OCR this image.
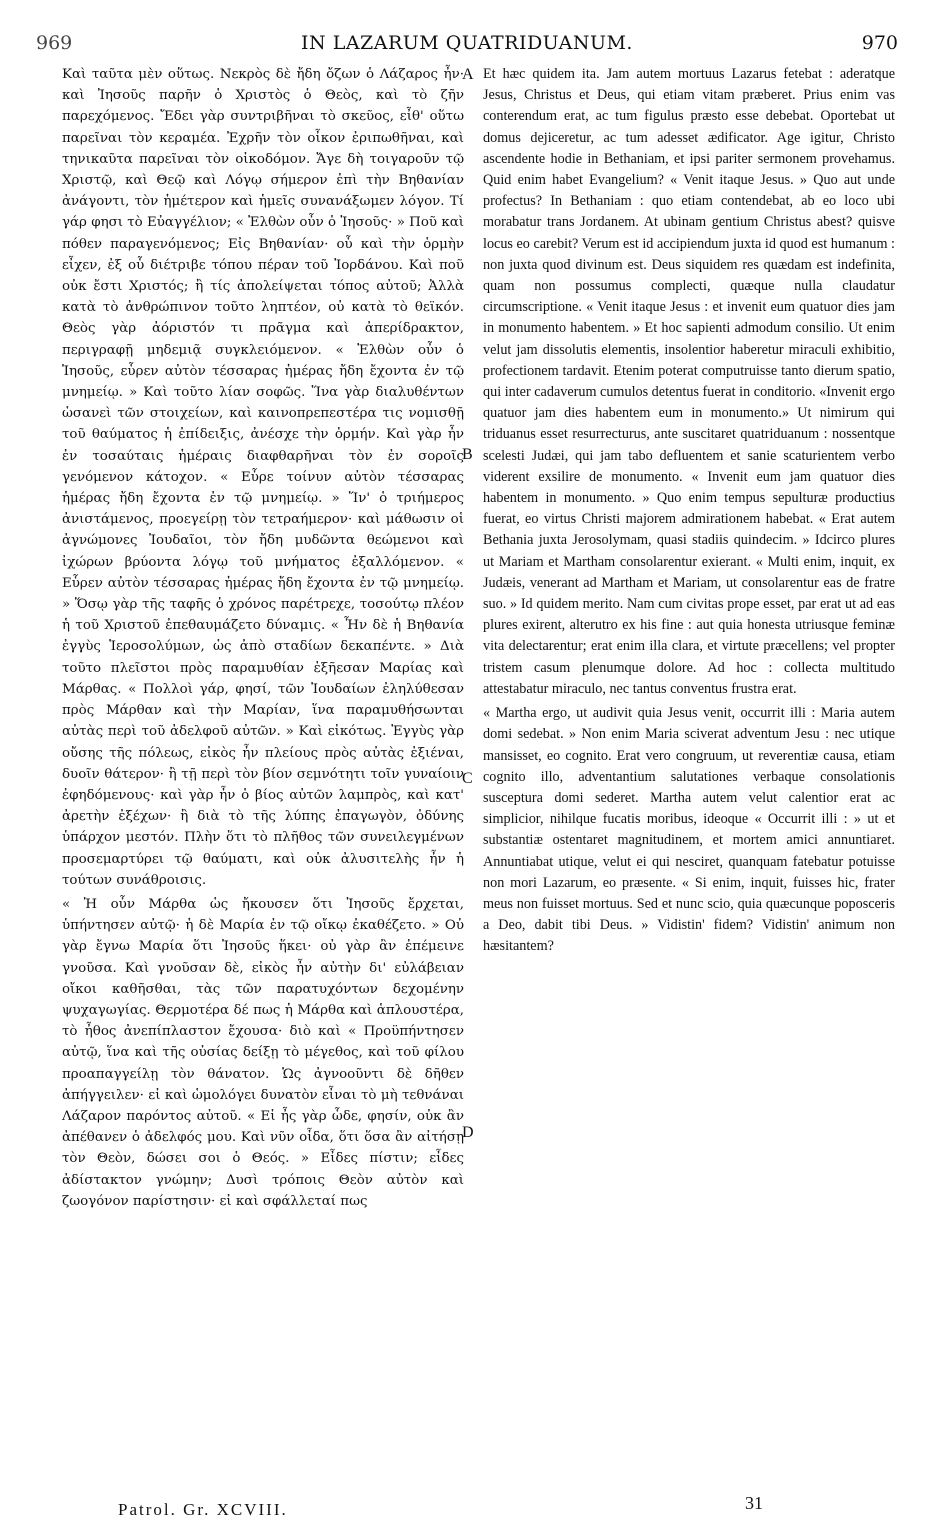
969	IN LAZARUM QUATRIDUANUM.	970

Καὶ ταῦτα μὲν οὕτως. Νεκρὸς δὲ ἤδη ὄζων ὁ Λάζαρος ἦν· καὶ Ἰησοῦς παρῆν ὁ Χριστὸς ὁ Θεὸς, καὶ τὸ ζῆν παρεχόμενος. Ἔδει γὰρ συντριβῆναι τὸ σκεῦος, εἶθ' οὕτω παρεῖναι τὸν κεραμέα. Ἐχρῆν τὸν οἶκον ἐριπωθῆναι, καὶ τηνικαῦτα παρεῖναι τὸν οἰκοδόμον. Ἄγε δὴ τοιγαροῦν τῷ Χριστῷ, καὶ Θεῷ καὶ Λόγῳ σήμερον ἐπὶ τὴν Βηθανίαν ἀνάγοντι, τὸν ἡμέτερον καὶ ἡμεῖς συνανάξωμεν λόγον. Τί γάρ φησι τὸ Εὐαγγέλιον; « Ἐλθὼν οὖν ὁ Ἰησοῦς· » Ποῦ καὶ πόθεν παραγενόμενος; Εἰς Βηθανίαν· οὗ καὶ τὴν ὁρμὴν εἶχεν, ἐξ οὗ διέτριβε τόπου πέραν τοῦ Ἰορδάνου. Καὶ ποῦ οὐκ ἔστι Χριστός; ἢ τίς ἀπολείψεται τόπος αὐτοῦ; Ἀλλὰ κατὰ τὸ ἀνθρώπινον τοῦτο ληπτέον, οὐ κατὰ τὸ θεϊκόν. Θεὸς γὰρ ἀόριστόν τι πρᾶγμα καὶ ἀπερίδρακτον, περιγραφῇ μηδεμιᾷ συγκλειόμενον. « Ἐλθὼν οὖν ὁ Ἰησοῦς, εὗρεν αὐτὸν τέσσαρας ἡμέρας ἤδη ἔχοντα ἐν τῷ μνημείῳ. » Καὶ τοῦτο λίαν σοφῶς. Ἵνα γὰρ διαλυθέντων ὡσανεὶ τῶν στοιχείων, καὶ καινοπρεπεστέρα τις νομισθῇ τοῦ θαύματος ἡ ἐπίδειξις, ἀνέσχε τὴν ὁρμήν. Καὶ γὰρ ἦν ἐν τοσαύταις ἡμέραις διαφθαρῆναι τὸν ἐν σοροῖς γενόμενον κάτοχον. « Εὗρε τοίνυν αὐτὸν τέσσαρας ἡμέρας ἤδη ἔχοντα ἐν τῷ μνημείῳ. » Ἵν' ὁ τριήμερος ἀνιστάμενος, προεγείρῃ τὸν τετραήμερον· καὶ μάθωσιν οἱ ἀγνώμονες Ἰουδαῖοι, τὸν ἤδη μυδῶντα θεώμενοι καὶ ἰχώρων βρύοντα λόγῳ τοῦ μνήματος ἐξαλλόμενον. « Εὗρεν αὐτὸν τέσσαρας ἡμέρας ἤδη ἔχοντα ἐν τῷ μνημείῳ. » Ὅσῳ γὰρ τῆς ταφῆς ὁ χρόνος παρέτρεχε, τοσούτῳ πλέον ἡ τοῦ Χριστοῦ ἐπεθαυμάζετο δύναμις. « Ἦν δὲ ἡ Βηθανία ἐγγὺς Ἱεροσολύμων, ὡς ἀπὸ σταδίων δεκαπέντε. » Διὰ τοῦτο πλεῖστοι πρὸς παραμυθίαν ἐξῆεσαν Μαρίας καὶ Μάρθας. « Πολλοὶ γάρ, φησί, τῶν Ἰουδαίων ἐληλύθεσαν πρὸς Μάρθαν καὶ τὴν Μαρίαν, ἵνα παραμυθήσωνται αὐτὰς περὶ τοῦ ἀδελφοῦ αὐτῶν. » Καὶ εἰκότως. Ἐγγὺς γὰρ οὔσης τῆς πόλεως, εἰκὸς ἦν πλείους πρὸς αὐτὰς ἐξιέναι, δυοῖν θάτερον· ἢ τῇ περὶ τὸν βίον σεμνότητι τοῖν γυναίοιν ἐφηδόμενους· καὶ γὰρ ἦν ὁ βίος αὐτῶν λαμπρὸς, καὶ κατ' ἀρετὴν ἐξέχων· ἢ διὰ τὸ τῆς λύπης ἐπαγωγὸν, ὀδύνης ὑπάρχον μεστόν. Πλὴν ὅτι τὸ πλῆθος τῶν συνειλεγμένων προσεμαρτύρει τῷ θαύματι, καὶ οὐκ ἀλυσιτελὴς ἦν ἡ τούτων συνάθροισις.

« Ἡ οὖν Μάρθα ὡς ἤκουσεν ὅτι Ἰησοῦς ἔρχεται, ὑπήντησεν αὐτῷ· ἡ δὲ Μαρία ἐν τῷ οἴκῳ ἐκαθέζετο. » Οὐ γὰρ ἔγνω Μαρία ὅτι Ἰησοῦς ἥκει· οὐ γὰρ ἂν ἐπέμεινε γνοῦσα. Καὶ γνοῦσαν δὲ, εἰκὸς ἦν αὐτὴν δι' εὐλάβειαν οἴκοι καθῆσθαι, τὰς τῶν παρατυχόντων δεχομένην ψυχαγωγίας. Θερμοτέρα δέ πως ἡ Μάρθα καὶ ἁπλουστέρα, τὸ ἦθος ἀνεπίπλαστον ἔχουσα· διὸ καὶ « Προϋπήντησεν αὐτῷ, ἵνα καὶ τῆς οὐσίας δείξῃ τὸ μέγεθος, καὶ τοῦ φίλου προαπαγγείλῃ τὸν θάνατον. Ὡς ἀγνοοῦντι δὲ δῆθεν ἀπήγγειλεν· εἰ καὶ ὡμολόγει δυνατὸν εἶναι τὸ μὴ τεθνάναι Λάζαρον παρόντος αὐτοῦ. « Εἰ ἦς γὰρ ὧδε, φησίν, οὐκ ἂν ἀπέθανεν ὁ ἀδελφός μου. Καὶ νῦν οἶδα, ὅτι ὅσα ἂν αἰτήσῃ τὸν Θεὸν, δώσει σοι ὁ Θεός. » Εἶδες πίστιν; εἶδες ἀδίστακτον γνώμην; Δυσὶ τρόποις Θεὸν αὐτὸν καὶ ζωογόνον παρίστησιν· εἰ καὶ σφάλλεταί πως

A
B
C
D

Et hæc quidem ita. Jam autem mortuus Lazarus fetebat : aderatque Jesus, Christus et Deus, qui etiam vitam præberet. Prius enim vas conterendum erat, ac tum figulus præsto esse debebat. Oportebat ut domus dejiceretur, ac tum adesset ædificator. Age igitur, Christo ascendente hodie in Bethaniam, et ipsi pariter sermonem provehamus. Quid enim habet Evangelium? « Venit itaque Jesus. » Quo aut unde profectus? In Bethaniam : quo etiam contendebat, ab eo loco ubi morabatur trans Jordanem. At ubinam gentium Christus abest? quisve locus eo carebit? Verum est id accipiendum juxta id quod est humanum : non juxta quod divinum est. Deus siquidem res quædam est indefinita, quam non possumus complecti, quæque nulla claudatur circumscriptione. « Venit itaque Jesus : et invenit eum quatuor dies jam in monumento habentem. » Et hoc sapienti admodum consilio. Ut enim velut jam dissolutis elementis, insolentior haberetur miraculi exhibitio, profectionem tardavit. Etenim poterat computruisse tanto dierum spatio, qui inter cadaverum cumulos detentus fuerat in conditorio. «Invenit ergo quatuor jam dies habentem eum in monumento.» Ut nimirum qui triduanus esset resurrecturus, ante suscitaret quatriduanum : nossentque scelesti Judæi, qui jam tabo defluentem et sanie scaturientem verbo viderent exsilire de monumento. « Invenit eum jam quatuor dies habentem in monumento. » Quo enim tempus sepulturæ productius fuerat, eo virtus Christi majorem admirationem habebat. « Erat autem Bethania juxta Jerosolymam, quasi stadiis quindecim. » Idcirco plures ut Mariam et Martham consolarentur exierant. « Multi enim, inquit, ex Judæis, venerant ad Martham et Mariam, ut consolarentur eas de fratre suo. » Id quidem merito. Nam cum civitas prope esset, par erat ut ad eas plures exirent, alterutro ex his fine : aut quia honesta utriusque feminæ vita delectarentur; erat enim illa clara, et virtute præcellens; vel propter tristem casum plenumque dolore. Ad hoc : collecta multitudo attestabatur miraculo, nec tantus conventus frustra erat.

« Martha ergo, ut audivit quia Jesus venit, occurrit illi : Maria autem domi sedebat. » Non enim Maria sciverat adventum Jesu : nec utique mansisset, eo cognito. Erat vero congruum, ut reverentiæ causa, etiam cognito illo, adventantium salutationes verbaque consolationis susceptura domi sederet. Martha autem velut calentior erat ac simplicior, nihilque fucatis moribus, ideoque « Occurrit illi : » ut et substantiæ ostentaret magnitudinem, et mortem amici annuntiaret. Annuntiabat utique, velut ei qui nesciret, quanquam fatebatur potuisse non mori Lazarum, eo præsente. « Si enim, inquit, fuisses hic, frater meus non fuisset mortuus. Sed et nunc scio, quia quæcunque poposceris a Deo, dabit tibi Deus. » Vidistin' fidem? Vidistin' animum non hæsitantem?

Patrol. Gr. XCVIII.	31
